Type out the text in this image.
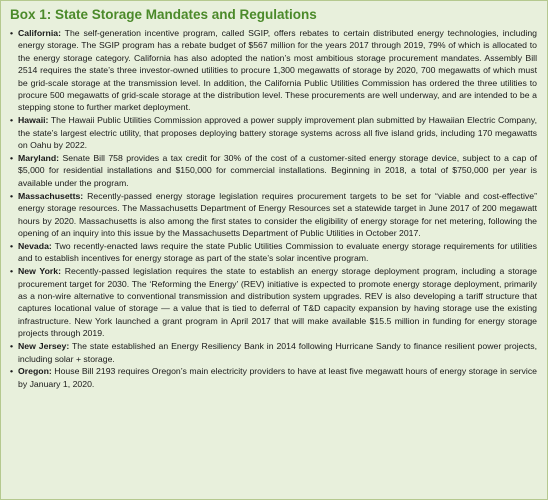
Box 1: State Storage Mandates and Regulations
• California: The self-generation incentive program, called SGIP, offers rebates to certain distributed energy technologies, including energy storage. The SGIP program has a rebate budget of $567 million for the years 2017 through 2019, 79% of which is allocated to the energy storage category. California has also adopted the nation’s most ambitious storage procurement mandates. Assembly Bill 2514 requires the state’s three investor-owned utilities to procure 1,300 megawatts of storage by 2020, 700 megawatts of which must be grid-scale storage at the transmission level. In addition, the California Public Utilities Commission has ordered the three utilities to procure 500 megawatts of grid-scale storage at the distribution level. These procurements are well underway, and are intended to be a stepping stone to further market deployment.
• Hawaii: The Hawaii Public Utilities Commission approved a power supply improvement plan submitted by Hawaiian Electric Company, the state’s largest electric utility, that proposes deploying battery storage systems across all five island grids, including 170 megawatts on Oahu by 2022.
• Maryland: Senate Bill 758 provides a tax credit for 30% of the cost of a customer-sited energy storage device, subject to a cap of $5,000 for residential installations and $150,000 for commercial installations. Beginning in 2018, a total of $750,000 per year is available under the program.
• Massachusetts: Recently-passed energy storage legislation requires procurement targets to be set for “viable and cost-effective” energy storage resources. The Massachusetts Department of Energy Resources set a statewide target in June 2017 of 200 megawatt hours by 2020. Massachusetts is also among the first states to consider the eligibility of energy storage for net metering, following the opening of an inquiry into this issue by the Massachusetts Department of Public Utilities in October 2017.
• Nevada: Two recently-enacted laws require the state Public Utilities Commission to evaluate energy storage requirements for utilities and to establish incentives for energy storage as part of the state’s solar incentive program.
• New York: Recently-passed legislation requires the state to establish an energy storage deployment program, including a storage procurement target for 2030. The ‘Reforming the Energy’ (REV) initiative is expected to promote energy storage deployment, primarily as a non-wire alternative to conventional transmission and distribution system upgrades. REV is also developing a tariff structure that captures locational value of storage — a value that is tied to deferral of T&D capacity expansion by having storage use the existing infrastructure. New York launched a grant program in April 2017 that will make available $15.5 million in funding for energy storage projects through 2019.
• New Jersey: The state established an Energy Resiliency Bank in 2014 following Hurricane Sandy to finance resilient power projects, including solar + storage.
• Oregon: House Bill 2193 requires Oregon’s main electricity providers to have at least five megawatt hours of energy storage in service by January 1, 2020.
